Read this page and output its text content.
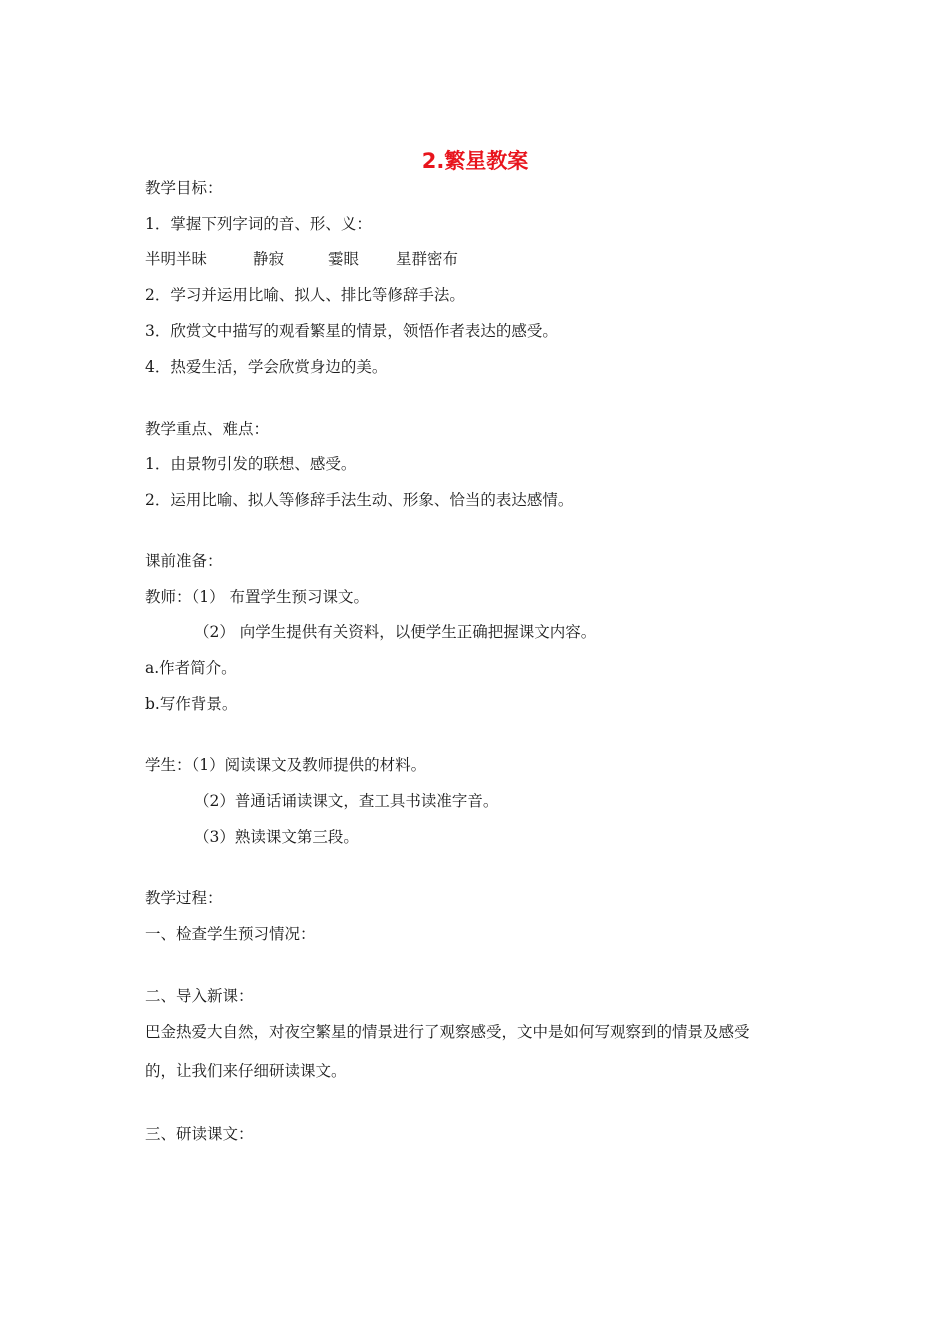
2.繁星教案
教学目标：
1．掌握下列字词的音、形、义：
半明半昧	静寂	霎眼 星群密布
2．学习并运用比喻、拟人、排比等修辞手法。
3．欣赏文中描写的观看繁星的情景，领悟作者表达的感受。
4．热爱生活，学会欣赏身边的美。
教学重点、难点：
1．由景物引发的联想、感受。
2．运用比喻、拟人等修辞手法生动、形象、恰当的表达感情。
课前准备：
教师：（1） 布置学生预习课文。
（2） 向学生提供有关资料，以便学生正确把握课文内容。
a.作者简介。
b.写作背景。
学生：（1）阅读课文及教师提供的材料。
（2）普通话诵读课文，查工具书读准字音。
（3）熟读课文第三段。
教学过程：
一、检查学生预习情况：
二、导入新课：
巴金热爱大自然，对夜空繁星的情景进行了观察感受，文中是如何写观察到的情景及感受
的，让我们来仔细研读课文。
三、研读课文：
